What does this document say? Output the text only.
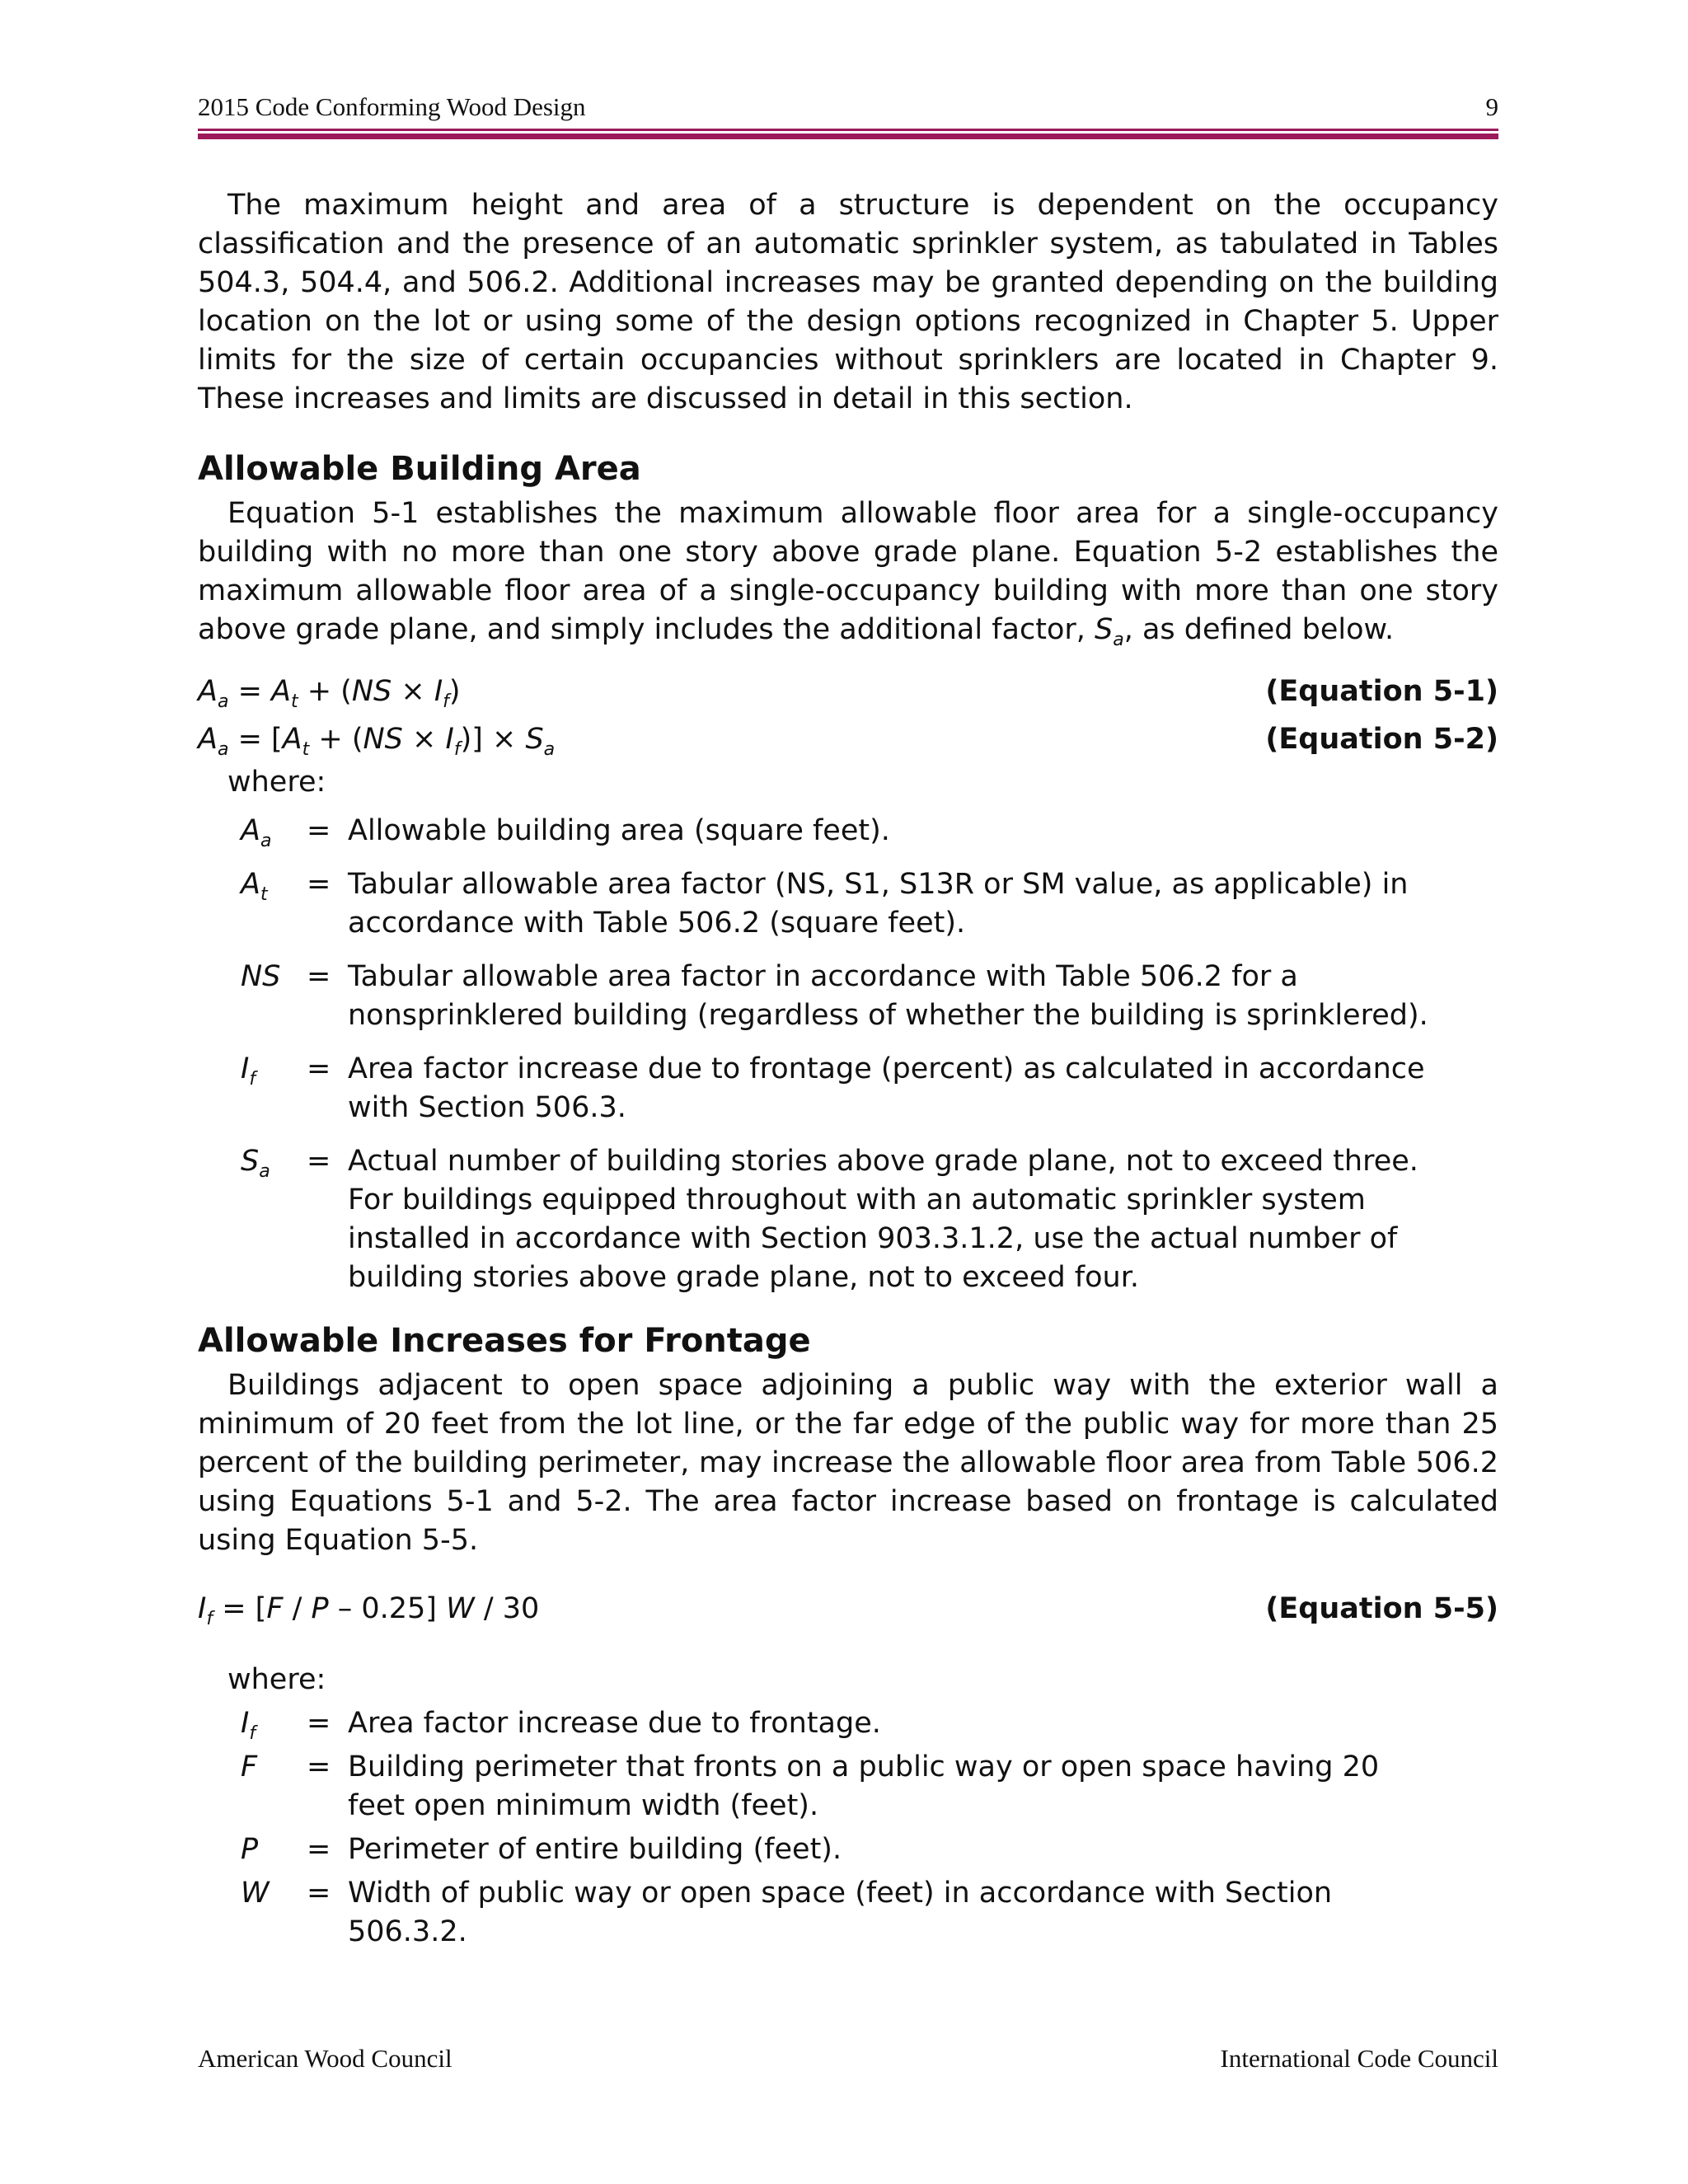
2015 Code Conforming Wood Design	9

The maximum height and area of a structure is dependent on the occupancy classification and the presence of an automatic sprinkler system, as tabulated in Tables 504.3, 504.4, and 506.2. Additional increases may be granted depending on the building location on the lot or using some of the design options recognized in Chapter 5. Upper limits for the size of certain occupancies without sprinklers are located in Chapter 9. These increases and limits are discussed in detail in this section.

Allowable Building Area

Equation 5-1 establishes the maximum allowable floor area for a single-occupancy building with no more than one story above grade plane. Equation 5-2 establishes the maximum allowable floor area of a single-occupancy building with more than one story above grade plane, and simply includes the additional factor, $S_a$, as defined below.

$A_a = A_t + (NS \times I_f)$	(Equation 5-1)
$A_a = [A_t + (NS \times I_f)] \times S_a$	(Equation 5-2)

where:

$A_a$	= Allowable building area (square feet).
$A_t$	= Tabular allowable area factor (NS, S1, S13R or SM value, as applicable) in accordance with Table 506.2 (square feet).
NS = Tabular allowable area factor in accordance with Table 506.2 for a nonsprinklered building (regardless of whether the building is sprinklered).
$I_f$	= Area factor increase due to frontage (percent) as calculated in accordance with Section 506.3.
$S_a$	= Actual number of building stories above grade plane, not to exceed three. For buildings equipped throughout with an automatic sprinkler system installed in accordance with Section 903.3.1.2, use the actual number of building stories above grade plane, not to exceed four.
Allowable Increases for Frontage

Buildings adjacent to open space adjoining a public way with the exterior wall a minimum of 20 feet from the lot line, or the far edge of the public way for more than 25 percent of the building perimeter, may increase the allowable floor area from Table 506.2 using Equations 5-1 and 5-2. The area factor increase based on frontage is calculated using Equation 5-5.

$I_f = [F / P - 0.25]$ W / 30	(Equation 5-5)

where:

$I_f$	= Area factor increase due to frontage.
F	= Building perimeter that fronts on a public way or open space having 20 feet open minimum width (feet).
P	= Perimeter of entire building (feet).
W	= Width of public way or open space (feet) in accordance with Section 506.3.2.
American Wood Council	International Code Council
